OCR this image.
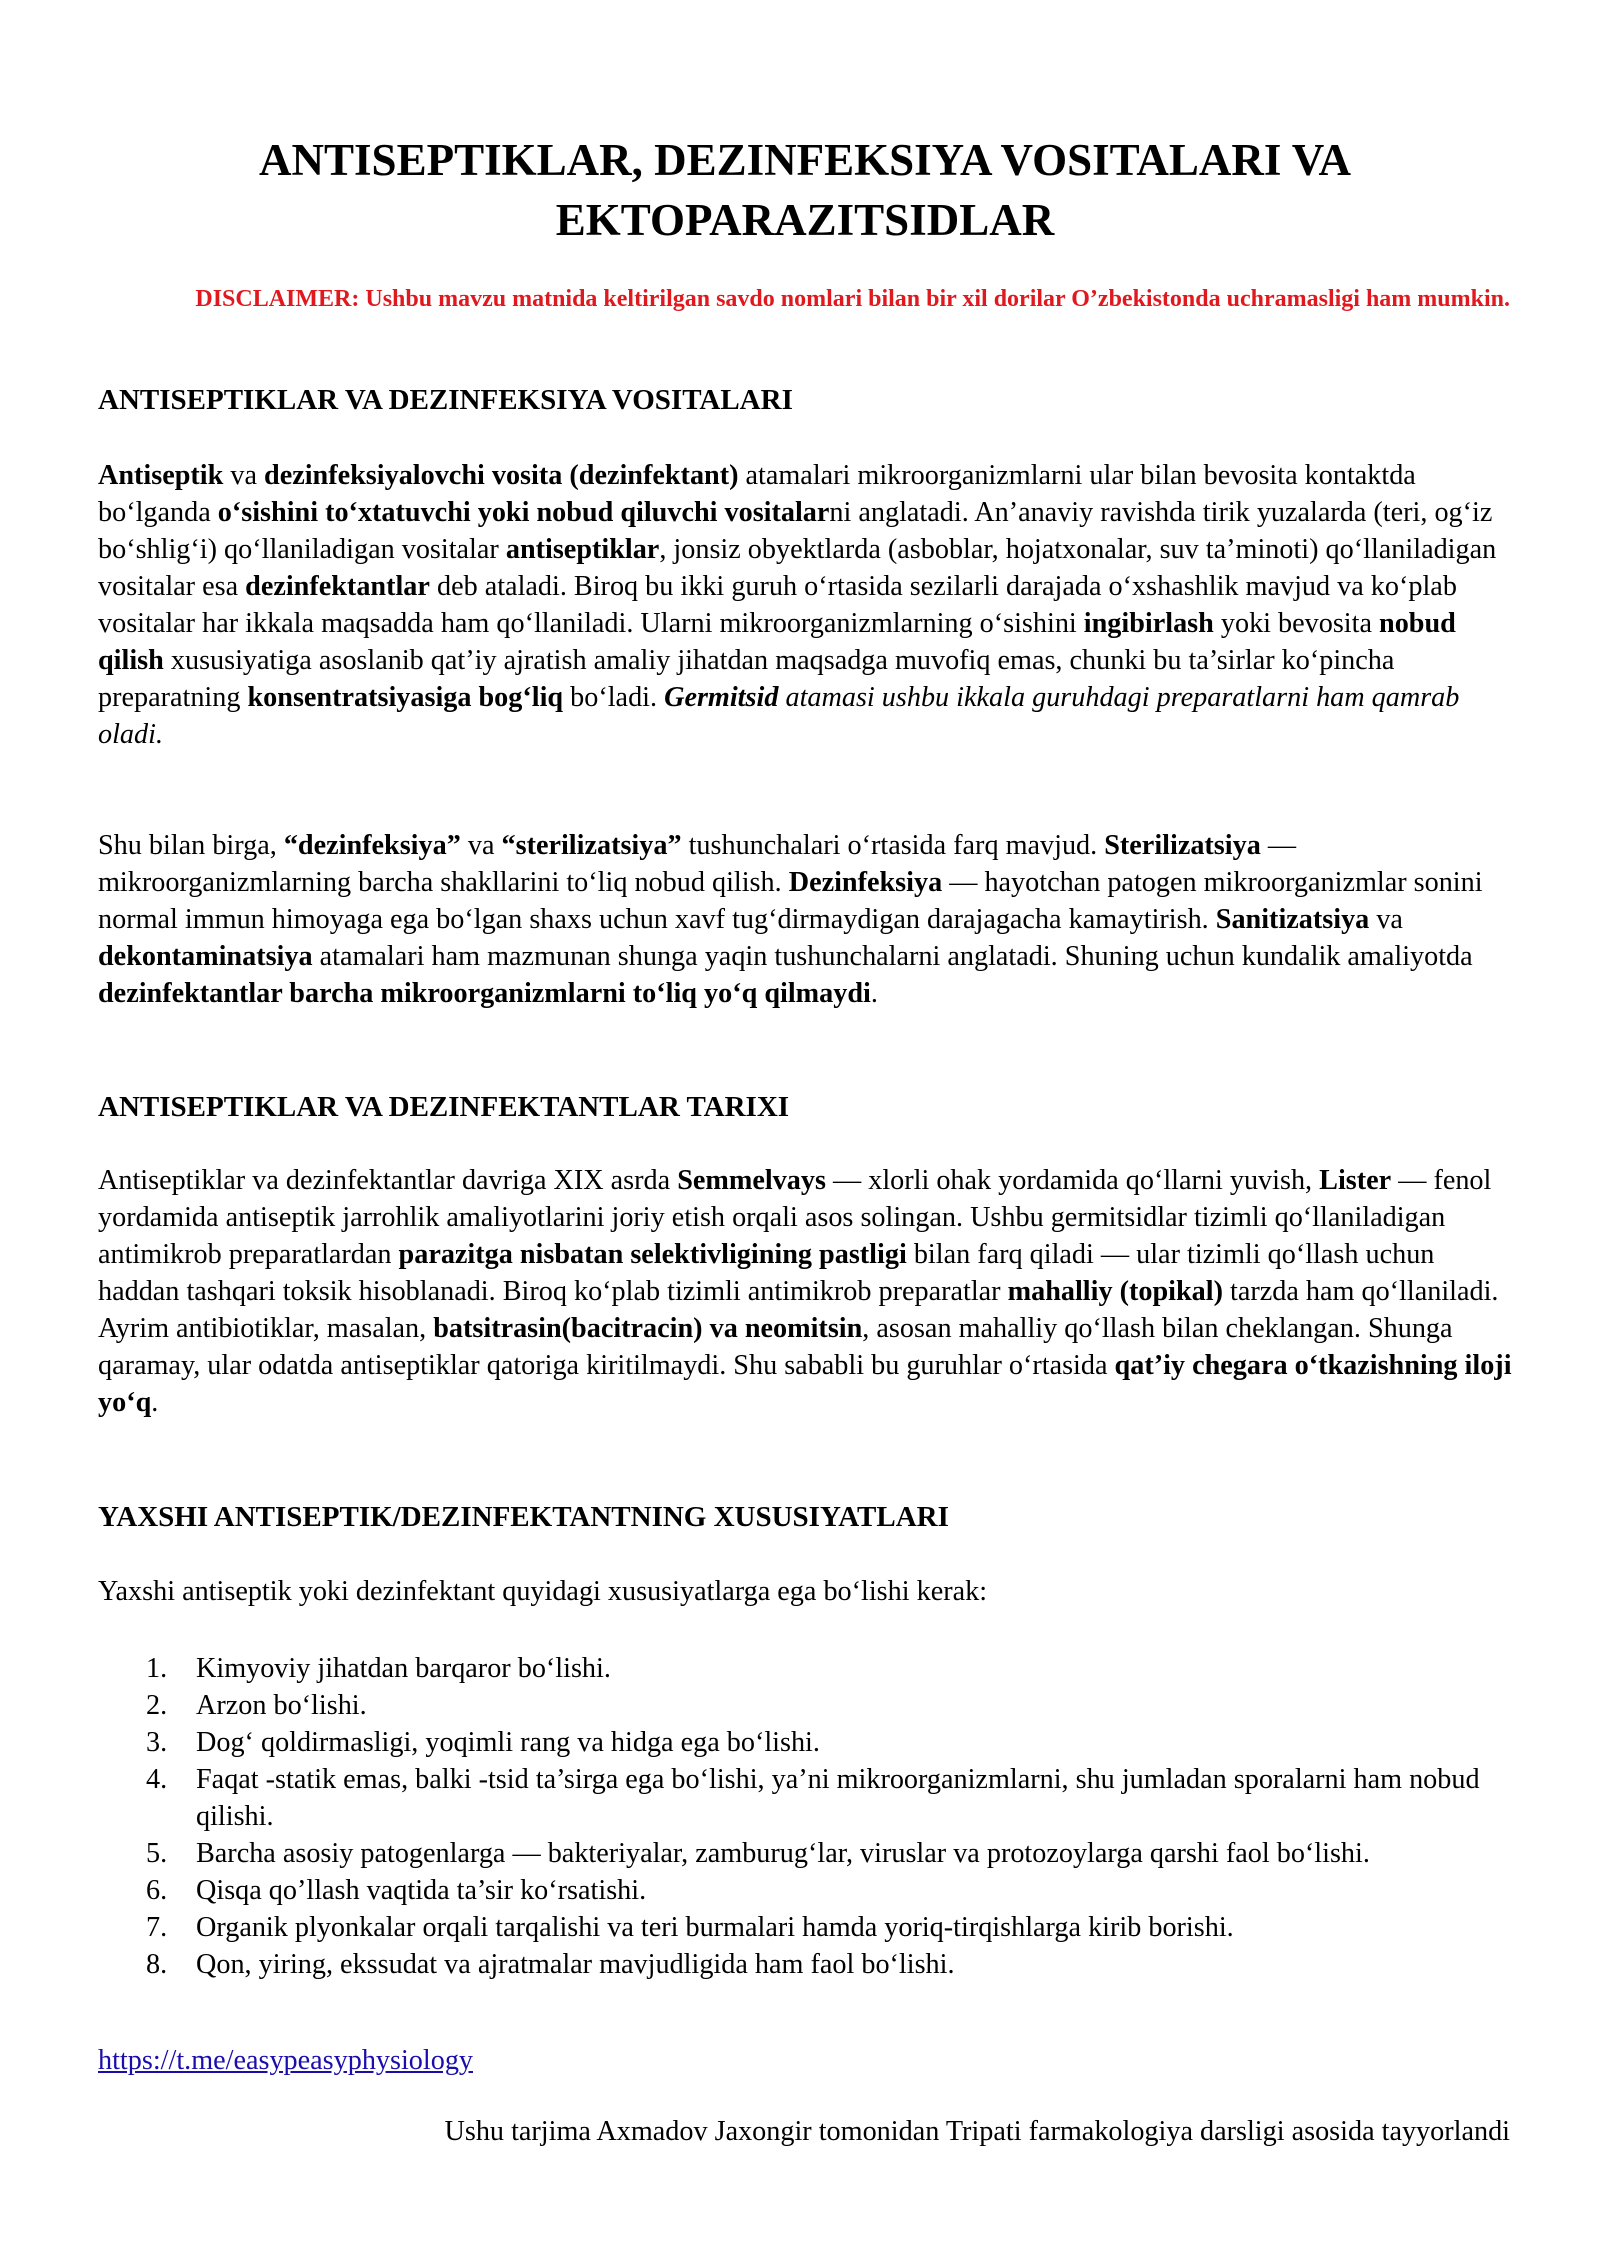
ANTISEPTIKLAR, DEZINFEKSIYA VOSITALARI VA EKTOPARAZITSIDLAR
DISCLAIMER: Ushbu mavzu matnida keltirilgan savdo nomlari bilan bir xil dorilar O’zbekistonda uchramasligi ham mumkin.
ANTISEPTIKLAR VA DEZINFEKSIYA VOSITALARI
Antiseptik va dezinfeksiyalovchi vosita (dezinfektant) atamalari mikroorganizmlarni ular bilan bevosita kontaktda bo‘lganda o‘sishini to‘xtatuvchi yoki nobud qiluvchi vositalarni anglatadi. An’anaviy ravishda tirik yuzalarda (teri, og‘iz bo‘shlig‘i) qo‘llaniladigan vositalar antiseptiklar, jonsiz obyektlarda (asboblar, hojatxonalar, suv ta’minoti) qo‘llaniladigan vositalar esa dezinfektantlar deb ataladi. Biroq bu ikki guruh o‘rtasida sezilarli darajada o‘xshashlik mavjud va ko‘plab vositalar har ikkala maqsadda ham qo‘llaniladi. Ularni mikroorganizmlarning o‘sishini ingibirlash yoki bevosita nobud qilish xususiyatiga asoslanib qat’iy ajratish amaliy jihatdan maqsadga muvofiq emas, chunki bu ta’sirlar ko‘pincha preparatning konsentratsiyasiga bog‘liq bo‘ladi. Germitsid atamasi ushbu ikkala guruhdagi preparatlarni ham qamrab oladi.
Shu bilan birga, “dezinfeksiya” va “sterilizatsiya” tushunchalari o‘rtasida farq mavjud. Sterilizatsiya — mikroorganizmlarning barcha shakllarini to‘liq nobud qilish. Dezinfeksiya — hayotchan patogen mikroorganizmlar sonini normal immun himoyaga ega bo‘lgan shaxs uchun xavf tug‘dirmaydigan darajagacha kamaytirish. Sanitizatsiya va dekontaminatsiya atamalari ham mazmunan shunga yaqin tushunchalarni anglatadi. Shuning uchun kundalik amaliyotda dezinfektantlar barcha mikroorganizmlarni to‘liq yo‘q qilmaydi.
ANTISEPTIKLAR VA DEZINFEKTANTLAR TARIXI
Antiseptiklar va dezinfektantlar davriga XIX asrda Semmelvays — xlorli ohak yordamida qo‘llarni yuvish, Lister — fenol yordamida antiseptik jarrohlik amaliyotlarini joriy etish orqali asos solingan. Ushbu germitsidlar tizimli qo‘llaniladigan antimikrob preparatlardan parazitga nisbatan selektivligining pastligi bilan farq qiladi — ular tizimli qo‘llash uchun haddan tashqari toksik hisoblanadi. Biroq ko‘plab tizimli antimikrob preparatlar mahalliy (topikal) tarzda ham qo‘llaniladi. Ayrim antibiotiklar, masalan, batsitrasin(bacitracin) va neomitsin, asosan mahalliy qo‘llash bilan cheklangan. Shunga qaramay, ular odatda antiseptiklar qatoriga kiritilmaydi. Shu sababli bu guruhlar o‘rtasida qat’iy chegara o‘tkazishning iloji yo‘q.
YAXSHI ANTISEPTIK/DEZINFEKTANTNING XUSUSIYATLARI
Yaxshi antiseptik yoki dezinfektant quyidagi xususiyatlarga ega bo‘lishi kerak:
1.	Kimyoviy jihatdan barqaror bo‘lishi.
2.	Arzon bo‘lishi.
3.	Dog‘ qoldirmasligi, yoqimli rang va hidga ega bo‘lishi.
4.	Faqat -statik emas, balki -tsid ta’sirga ega bo‘lishi, ya’ni mikroorganizmlarni, shu jumladan sporalarni ham nobud qilishi.
5.	Barcha asosiy patogenlarga — bakteriyalar, zamburug‘lar, viruslar va protozoylarga qarshi faol bo‘lishi.
6.	Qisqa qo’llash vaqtida ta’sir ko‘rsatishi.
7.	Organik plyonkalar orqali tarqalishi va teri burmalari hamda yoriq-tirqishlarga kirib borishi.
8.	Qon, yiring, ekssudat va ajratmalar mavjudligida ham faol bo‘lishi.
https://t.me/easypeasyphysiology
Ushu tarjima Axmadov Jaxongir tomonidan Tripati farmakologiya darsligi asosida tayyorlandi
